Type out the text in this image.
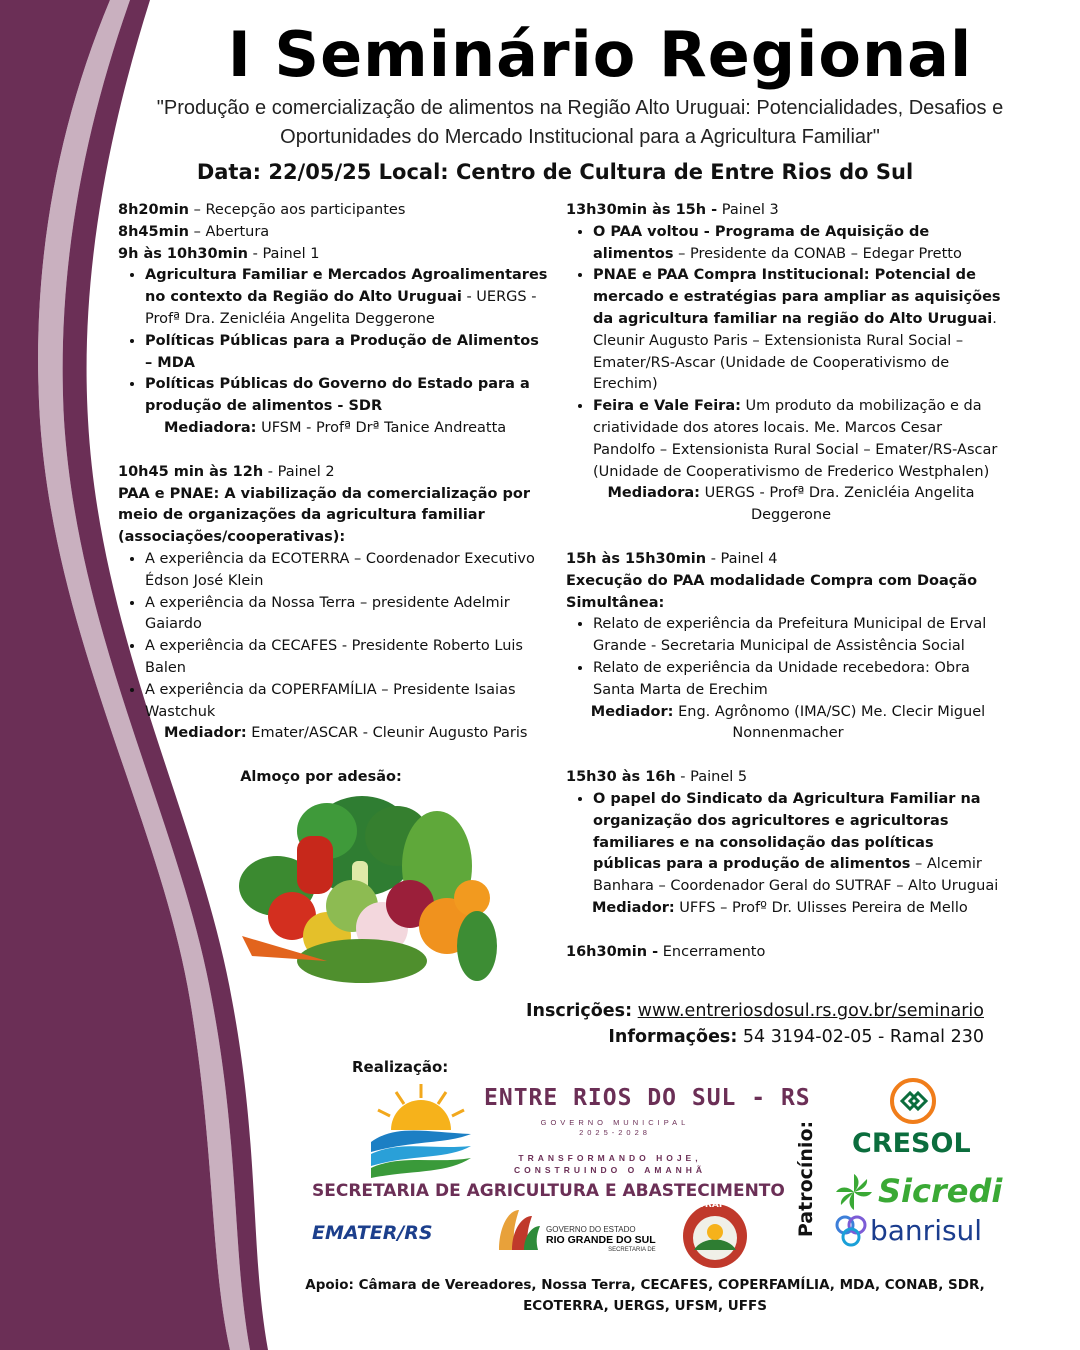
I Seminário Regional
"Produção e comercialização de alimentos na Região Alto Uruguai: Potencialidades, Desafios e Oportunidades do Mercado Institucional para a Agricultura Familiar"
Data: 22/05/25 Local: Centro de Cultura de Entre Rios do Sul

8h20min – Recepção aos participantes

8h45min – Abertura

9h às 10h30min - Painel 1

• Agricultura Familiar e Mercados Agroalimentares no contexto da Região do Alto Uruguai - UERGS - Profª Dra. Zenicléia Angelita Deggerone
• Políticas Públicas para a Produção de Alimentos – MDA
• Políticas Públicas do Governo do Estado para a produção de alimentos - SDR

Mediadora: UFSM - Profª Drª Tanice Andreatta

10h45 min às 12h - Painel 2

PAA e PNAE: A viabilização da comercialização por meio de organizações da agricultura familiar (associações/cooperativas):

• A experiência da ECOTERRA – Coordenador Executivo Édson José Klein
• A experiência da Nossa Terra – presidente Adelmir Gaiardo
• A experiência da CECAFES - Presidente Roberto Luis Balen
• A experiência da COPERFAMÍLIA – Presidente Isaias Wastchuk

Mediador: Emater/ASCAR - Cleunir Augusto Paris

Almoço por adesão:

13h30min às 15h - Painel 3

• O PAA voltou - Programa de Aquisição de alimentos – Presidente da CONAB – Edegar Pretto
• PNAE e PAA Compra Institucional: Potencial de mercado e estratégias para ampliar as aquisições da agricultura familiar na região do Alto Uruguai. Cleunir Augusto Paris – Extensionista Rural Social – Emater/RS-Ascar (Unidade de Cooperativismo de Erechim)
• Feira e Vale Feira: Um produto da mobilização e da criatividade dos atores locais. Me. Marcos Cesar Pandolfo – Extensionista Rural Social – Emater/RS-Ascar (Unidade de Cooperativismo de Frederico Westphalen)

Mediadora: UERGS - Profª Dra. Zenicléia Angelita Deggerone

15h às 15h30min - Painel 4

Execução do PAA modalidade Compra com Doação Simultânea:

• Relato de experiência da Prefeitura Municipal de Erval Grande - Secretaria Municipal de Assistência Social
• Relato de experiência da Unidade recebedora: Obra Santa Marta de Erechim

Mediador: Eng. Agrônomo (IMA/SC) Me. Clecir Miguel Nonnenmacher

15h30 às 16h - Painel 5

• O papel do Sindicato da Agricultura Familiar na organização dos agricultores e agricultoras familiares e na consolidação das políticas públicas para a produção de alimentos – Alcemir Banhara – Coordenador Geral do SUTRAF – Alto Uruguai

Mediador: UFFS – Profº Dr. Ulisses Pereira de Mello

16h30min - Encerramento

Inscrições: www.entreriosdosul.rs.gov.br/seminario
Informações: 54 3194-02-05 - Ramal 230
Realização:
ENTRE RIOS DO SUL - RS
GOVERNO MUNICIPAL
2025-2028
TRANSFORMANDO HOJE,
CONSTRUINDO O AMANHÃ
SECRETARIA DE AGRICULTURA E ABASTECIMENTO
EMATER/RS	GOVERNO DO ESTADO
RIO GRANDE DO SUL
SECRETARIA DE
SUTRAF-AU	Patrocínio: CRESOL
Sicredi
banrisul
Apoio: Câmara de Vereadores, Nossa Terra, CECAFES, COPERFAMÍLIA, MDA, CONAB, SDR, ECOTERRA, UERGS, UFSM, UFFS
